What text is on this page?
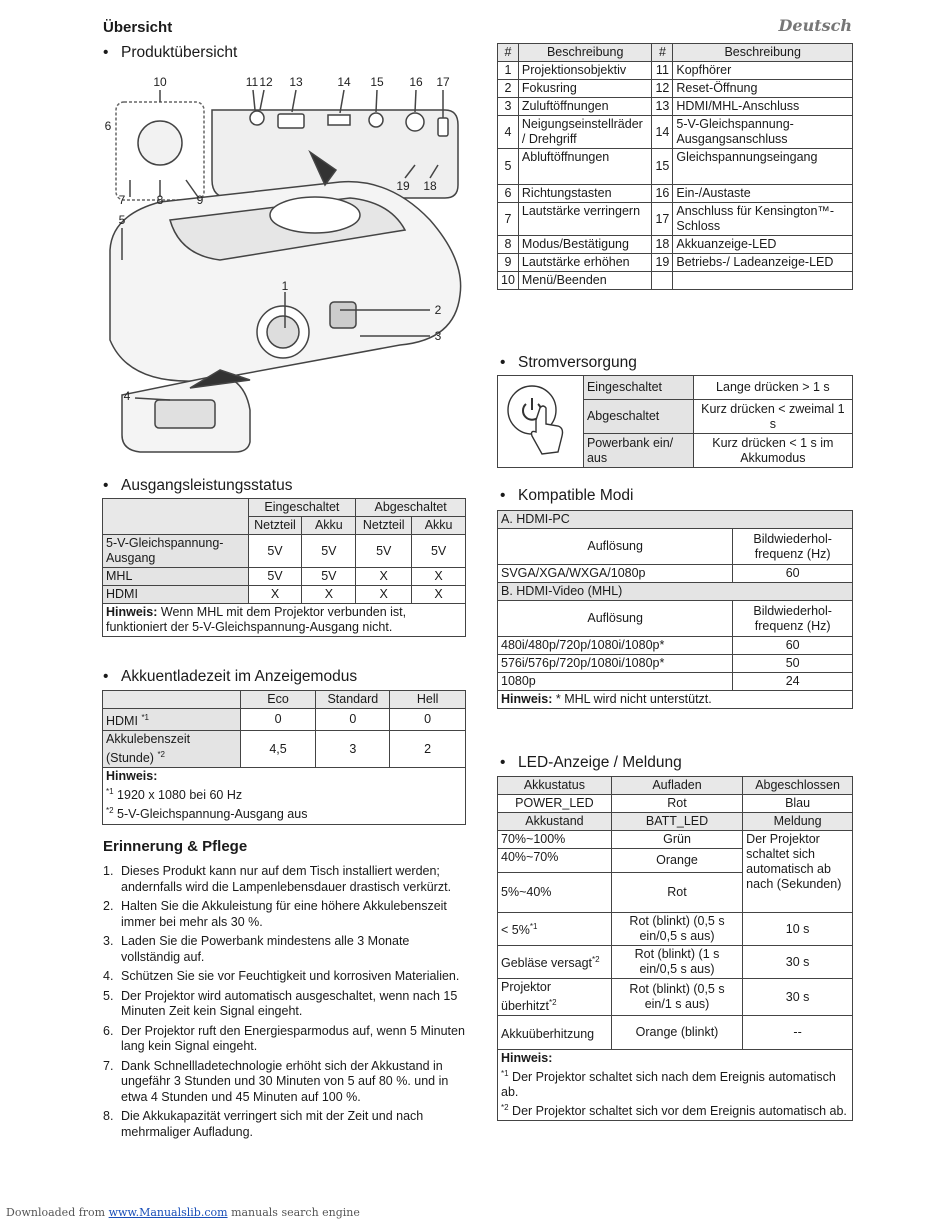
Deutsch
Übersicht
• Produktübersicht
10	11 12 13	14 15 16 17
6
7	8	9
19 18
5
1
2
3
4
#	Beschreibung	#	Beschreibung
1	Projektionsobjektiv	11	Kopfhörer
2	Fokusring	12	Reset-Öffnung
3	Zuluftöffnungen	13	HDMI/MHL-Anschluss
4	Neigungseinstellräder / Drehgriff	14	5-V-Gleichspannung-Ausgangsanschluss
5	Abluftöffnungen	15	Gleichspannungseingang
6	Richtungstasten	16	Ein-/Austaste
7	Lautstärke verringern	17	Anschluss für Kensington™-Schloss
8	Modus/Bestätigung	18	Akkuanzeige-LED
9	Lautstärke erhöhen	19	Betriebs-/ Ladeanzeige-LED
10	Menü/Beenden		
• Stromversorgung
	Eingeschaltet	Lange drücken > 1 s
	Abgeschaltet	Kurz drücken < zweimal 1 s
	Powerbank ein/ aus	Kurz drücken < 1 s im Akkumodus
• Ausgangsleistungsstatus
	Eingeschaltet		Abgeschaltet	
	Netzteil	Akku	Netzteil	Akku
5-V-Gleichspannung-Ausgang	5V	5V	5V	5V
MHL	5V	5V	X	X
HDMI	X	X	X	X
Hinweis: Wenn MHL mit dem Projektor verbunden ist, funktioniert der 5-V-Gleichspannung-Ausgang nicht.				
• Akkuentladezeit im Anzeigemodus
	Eco	Standard	Hell
HDMI $^{*1}$	0	0	0
Akkulebenszeit (Stunde) $^{*2}$	4,5	3	2
Hinweis:
$^{*1}$ 1920 x 1080 bei 60 Hz
$^{*2}$ 5-V-Gleichspannung-Ausgang aus			
Erinnerung & Pflege
1. Dieses Produkt kann nur auf dem Tisch installiert werden; andernfalls wird die Lampenlebensdauer drastisch verkürzt.
2. Halten Sie die Akkuleistung für eine höhere Akkulebenszeit immer bei mehr als 30 %.
3. Laden Sie die Powerbank mindestens alle 3 Monate vollständig auf.
4. Schützen Sie sie vor Feuchtigkeit und korrosiven Materialien.
5. Der Projektor wird automatisch ausgeschaltet, wenn nach 15 Minuten Zeit kein Signal eingeht.
6. Der Projektor ruft den Energiesparmodus auf, wenn 5 Minuten lang kein Signal eingeht.
7. Dank Schnellladetechnologie erhöht sich der Akkustand in ungefähr 3 Stunden und 30 Minuten von 5 auf 80 %. und in etwa 4 Stunden und 45 Minuten auf 100 %.
8. Die Akkukapazität verringert sich mit der Zeit und nach mehrmaliger Aufladung.
• Kompatible Modi
A. HDMI-PC	
Auflösung	Bildwiederhol-frequenz (Hz)
SVGA/XGA/WXGA/1080p	60
B. HDMI-Video (MHL)	
Auflösung	Bildwiederhol-frequenz (Hz)
480i/480p/720p/1080i/1080p*	60
576i/576p/720p/1080i/1080p*	50
1080p	24
Hinweis: * MHL wird nicht unterstützt.	
• LED-Anzeige / Meldung
Akkustatus	Aufladen	Abgeschlossen
POWER_LED	Rot	Blau
Akkustand	BATT_LED	Meldung
70%~100%	Grün	Der Projektor schaltet sich automatisch ab nach (Sekunden)
40%~70%	Orange	
5%~40%	Rot	
< 5%$^{*1}$	Rot (blinkt) (0,5 s ein/0,5 s aus)	10 s
Gebläse versagt$^{*2}$	Rot (blinkt) (1 s ein/0,5 s aus)	30 s
Projektor überhitzt$^{*2}$	Rot (blinkt) (0,5 s ein/1 s aus)	30 s
Akkuüberhitzung	Orange (blinkt)	--
Hinweis:
$^{*1}$ Der Projektor schaltet sich nach dem Ereignis automatisch ab.
$^{*2}$ Der Projektor schaltet sich vor dem Ereignis automatisch ab.		
Downloaded from www.Manualslib.com manuals search engine
